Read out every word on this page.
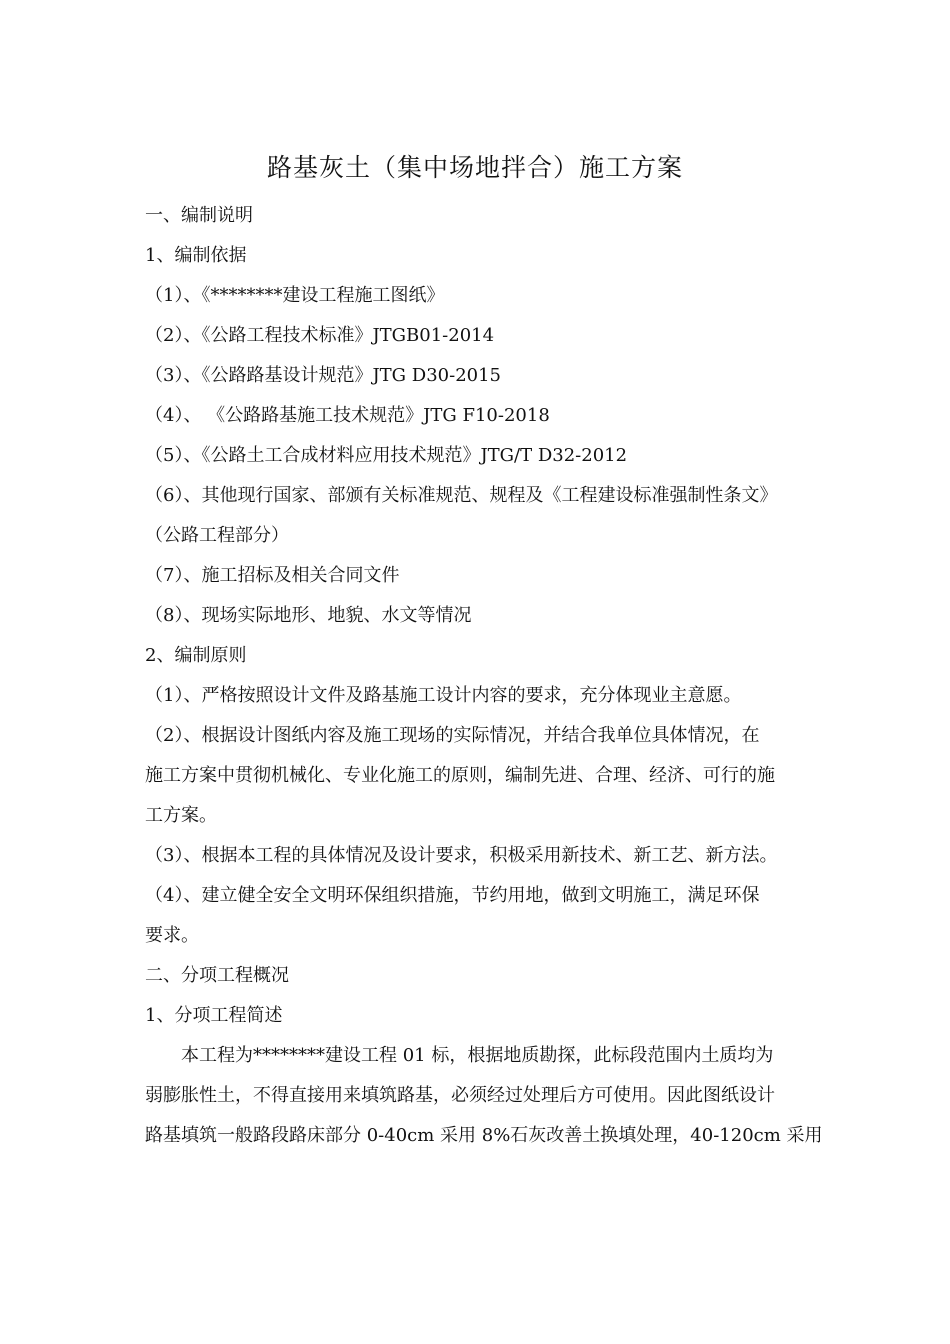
路基灰土（集中场地拌合）施工方案

一、编制说明

1、编制依据

（1）、《********建设工程施工图纸》

（2）、《公路工程技术标准》JTGB01-2014

（3）、《公路路基设计规范》JTG D30-2015

（4）、 《公路路基施工技术规范》JTG F10-2018

（5）、《公路土工合成材料应用技术规范》JTG/T D32-2012

（6）、其他现行国家、部颁有关标准规范、规程及《工程建设标准强制性条文》

（公路工程部分）

（7）、施工招标及相关合同文件

（8）、现场实际地形、地貌、水文等情况

2、编制原则

（1）、严格按照设计文件及路基施工设计内容的要求，充分体现业主意愿。

（2）、根据设计图纸内容及施工现场的实际情况，并结合我单位具体情况，在

施工方案中贯彻机械化、专业化施工的原则，编制先进、合理、经济、可行的施

工方案。

（3）、根据本工程的具体情况及设计要求，积极采用新技术、新工艺、新方法。

（4）、建立健全安全文明环保组织措施，节约用地，做到文明施工，满足环保

要求。

二、分项工程概况

1、分项工程简述

本工程为********建设工程 01 标，根据地质勘探，此标段范围内土质均为

弱膨胀性土，不得直接用来填筑路基，必须经过处理后方可使用。因此图纸设计

路基填筑一般路段路床部分 0-40cm 采用 8%石灰改善土换填处理，40-120cm 采用
